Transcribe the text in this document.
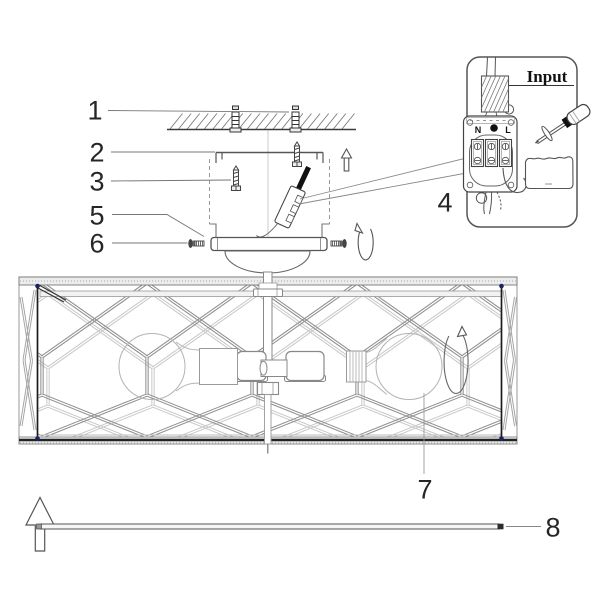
1
2
3
4
5
6
7
8
Input
N	L
